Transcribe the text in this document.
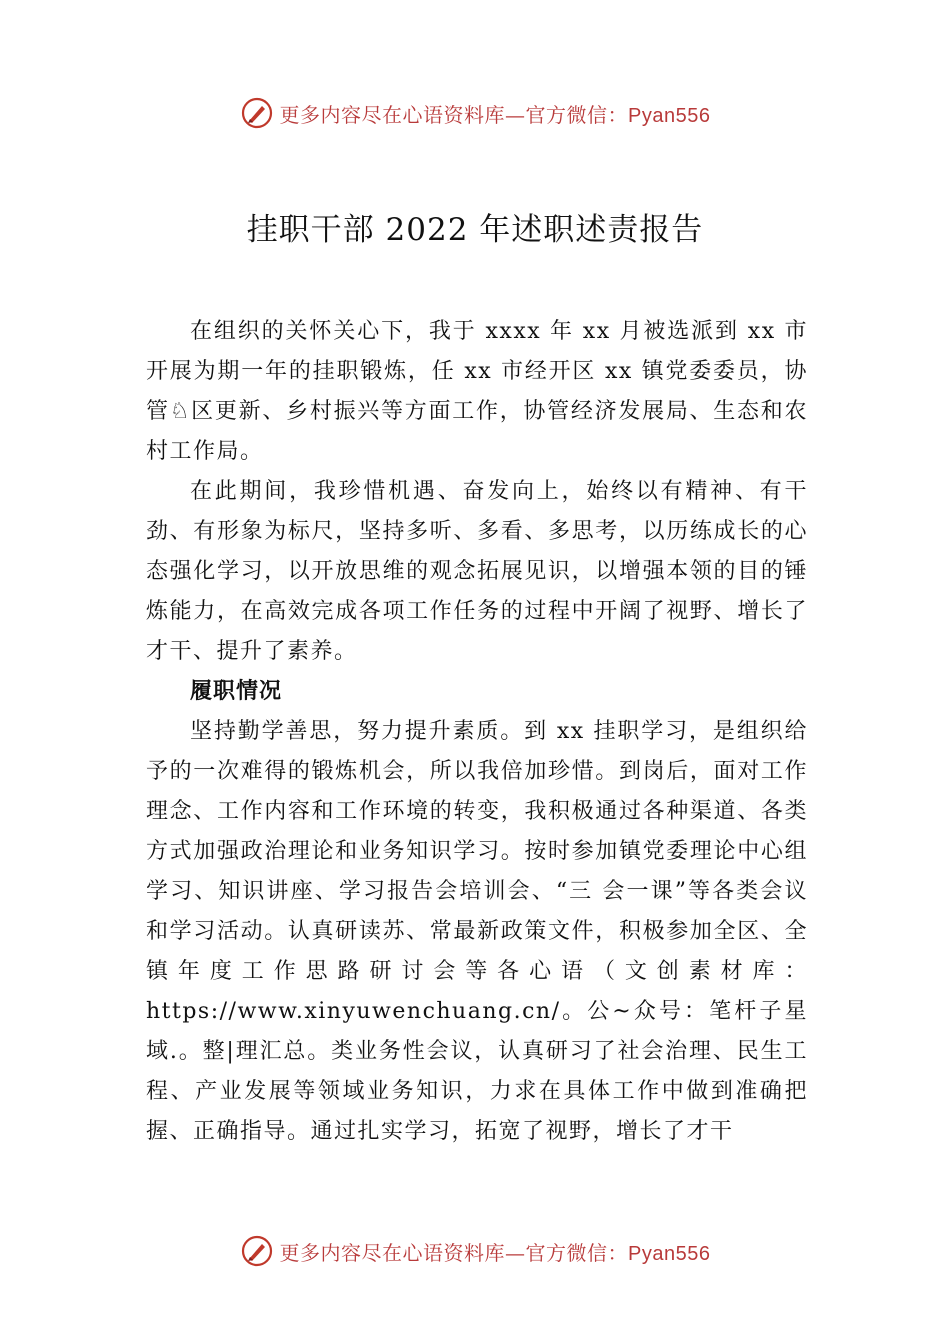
更多内容尽在心语资料库—官方微信：Pyan556
挂职干部 2022 年述职述责报告

在组织的关怀关心下，我于 xxxx 年 xx 月被选派到 xx 市开展为期一年的挂职锻炼，任 xx 市经开区 xx 镇党委委员，协管♘区更新、乡村振兴等方面工作，协管经济发展局、生态和农村工作局。

在此期间，我珍惜机遇、奋发向上，始终以有精神、有干劲、有形象为标尺，坚持多听、多看、多思考，以历练成长的心态强化学习，以开放思维的观念拓展见识，以增强本领的目的锤炼能力，在高效完成各项工作任务的过程中开阔了视野、增长了才干、提升了素养。

履职情况

坚持勤学善思，努力提升素质。到 xx 挂职学习，是组织给予的一次难得的锻炼机会，所以我倍加珍惜。到岗后，面对工作理念、工作内容和工作环境的转变，我积极通过各种渠道、各类方式加强政治理论和业务知识学习。按时参加镇党委理论中心组学习、知识讲座、学习报告会培训会、“三 会一课”等各类会议和学习活动。认真研读苏、常最新政策文件，积极参加全区、全镇年度工作思路研讨会等各心语（文创素材库：https://www.xinyuwenchuang.cn/。公~众号：笔杆子星域.。整|理汇总。类业务性会议，认真研习了社会治理、民生工程、产业发展等领域业务知识，力求在具体工作中做到准确把握、正确指导。通过扎实学习，拓宽了视野，增长了才干

更多内容尽在心语资料库—官方微信：Pyan556
